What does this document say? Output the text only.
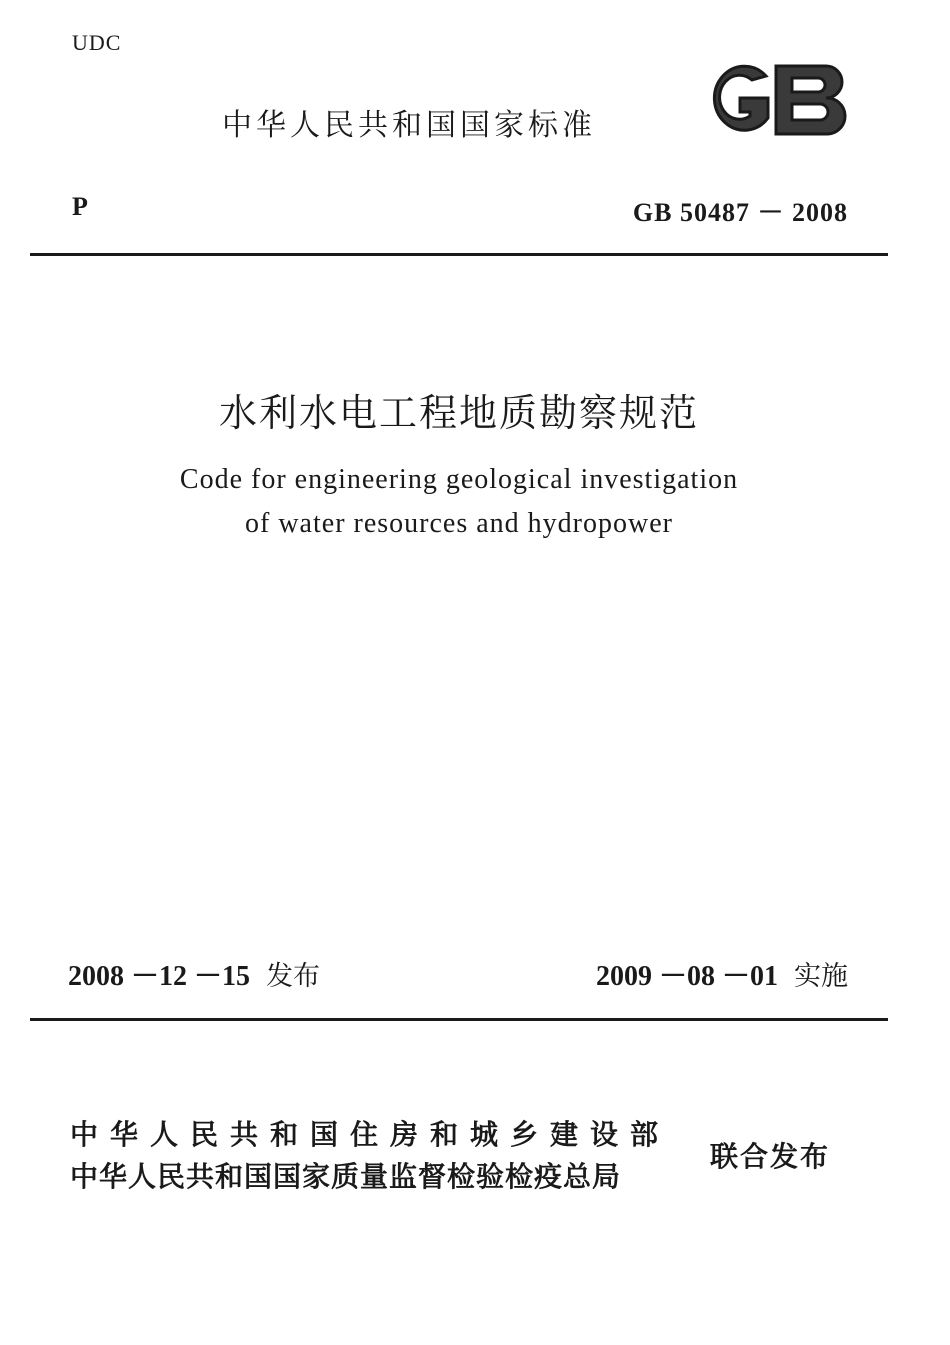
UDC
中华人民共和国国家标准
P	GB 50487 － 2008
水利水电工程地质勘察规范
Code for engineering geological investigation
of water resources and hydropower
2008 －12 －15 发布	2009 －08 －01 实施
中华人民共和国住房和城乡建设部
中华人民共和国国家质量监督检验检疫总局
联合发布
